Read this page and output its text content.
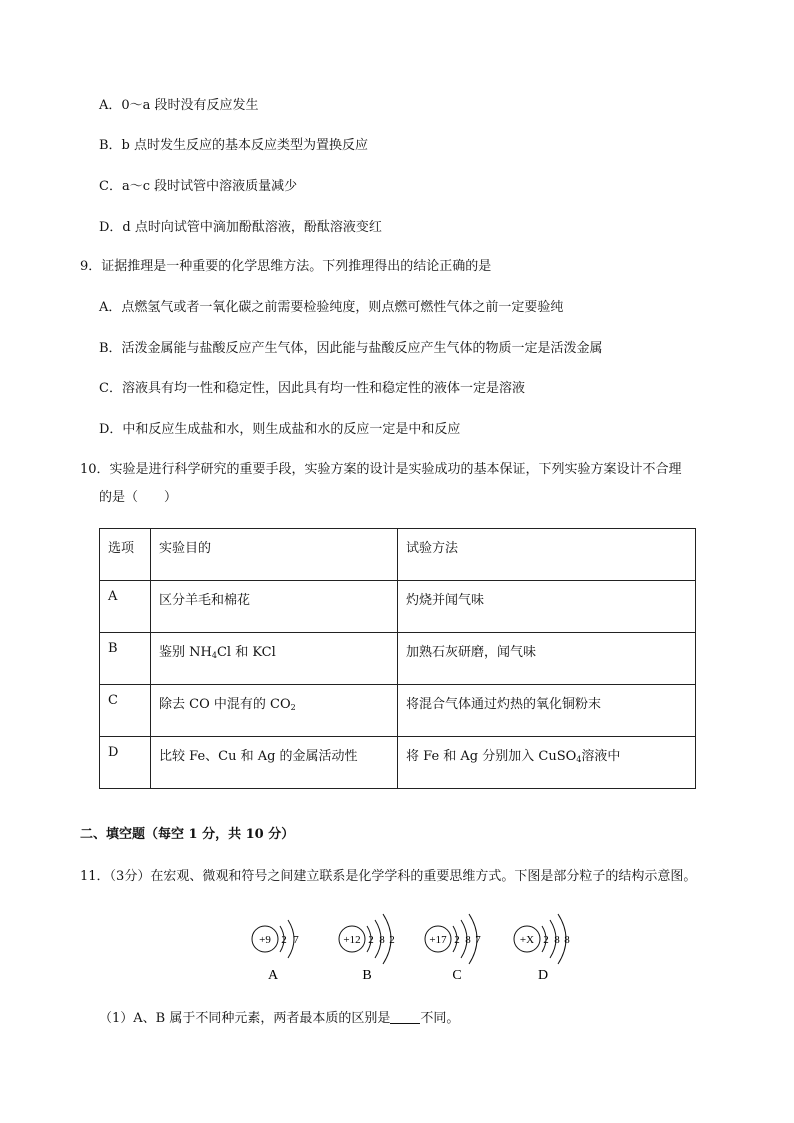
A．0～a 段时没有反应发生
B．b 点时发生反应的基本反应类型为置换反应
C．a～c 段时试管中溶液质量减少
D．d 点时向试管中滴加酚酞溶液，酚酞溶液变红
9．证据推理是一种重要的化学思维方法。下列推理得出的结论正确的是
A．点燃氢气或者一氧化碳之前需要检验纯度，则点燃可燃性气体之前一定要验纯
B．活泼金属能与盐酸反应产生气体，因此能与盐酸反应产生气体的物质一定是活泼金属
C．溶液具有均一性和稳定性，因此具有均一性和稳定性的液体一定是溶液
D．中和反应生成盐和水，则生成盐和水的反应一定是中和反应
10．实验是进行科学研究的重要手段，实验方案的设计是实验成功的基本保证，下列实验方案设计不合理
的是（　　）
选项	实验目的	试验方法
A	区分羊毛和棉花	灼烧并闻气味
B	鉴别 $NH_4Cl$ 和 KCl	加熟石灰研磨，闻气味
C	除去 CO 中混有的 $CO_2$	将混合气体通过灼热的氧化铜粉末
D	比较 Fe、Cu 和 Ag 的金属活动性	将 Fe 和 Ag 分别加入 CuSO$_4$溶液中
二、填空题（每空 1 分，共 10 分）
11．（3分）在宏观、微观和符号之间建立联系是化学学科的重要思维方式。下图是部分粒子的结构示意图。
+9 2 7
A
+12 2 8 2
B
+17 2 8 7
C
+X 2 8 8
D
（1）A、B 属于不同种元素，两者最本质的区别是 不同。
